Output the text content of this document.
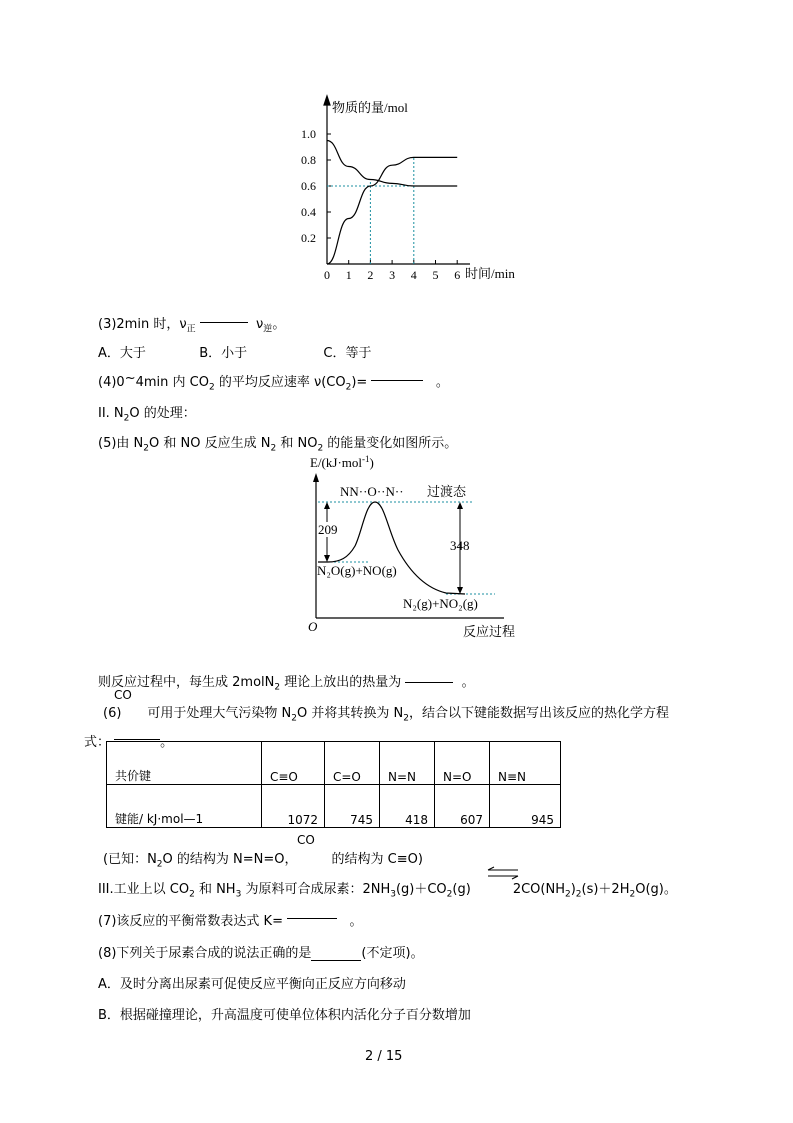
物质的量/mol
时间/min
1.0
0.8
0.6
0.4
0.2
0 1 2 3 4 5 6
(3)2min 时，$\nu_正$	$\nu_逆$。
A．大于	B．小于	C．等于
(4)0~4min 内 $CO_2$ 的平均反应速率 $\nu(CO_2)=$	。
II. $N_2O$ 的处理：
(5)由 $N_2O$ 和 NO 反应生成 $N_2$ 和 $NO_2$ 的能量变化如图所示。
E/(kJ·mol$^{-1}$)
O	反应过程
209
348
NN··O··N·· 过渡态
N₂O(g)+NO(g)
N₂(g)+NO₂(g)
则反应过程中，每生成 2molN$_2$ 理论上放出的热量为	。
CO
(6) 可用于处理大气污染物 $N_2O$ 并将其转换为 $N_2$，结合以下键能数据写出该反应的热化学方程
式：	。
共价键	C≡O	C=O	N=N	N=O	N≡N
键能/ kJ·mol—1	1072	745	418	607	945
CO
(已知：$N_2O$ 的结构为 N=N=O，	的结构为 C≡O)
III.工业上以 $CO_2$ 和 $NH_3$ 为原料可合成尿素：$2NH_3(g)+CO_2(g)$	$2CO(NH_2)_2(s)+2H_2O(g)$。
(7)该反应的平衡常数表达式 K=	。
(8)下列关于尿素合成的说法正确的是	(不定项)。
A．及时分离出尿素可促使反应平衡向正反应方向移动
B．根据碰撞理论，升高温度可使单位体积内活化分子百分数增加
2 / 15
